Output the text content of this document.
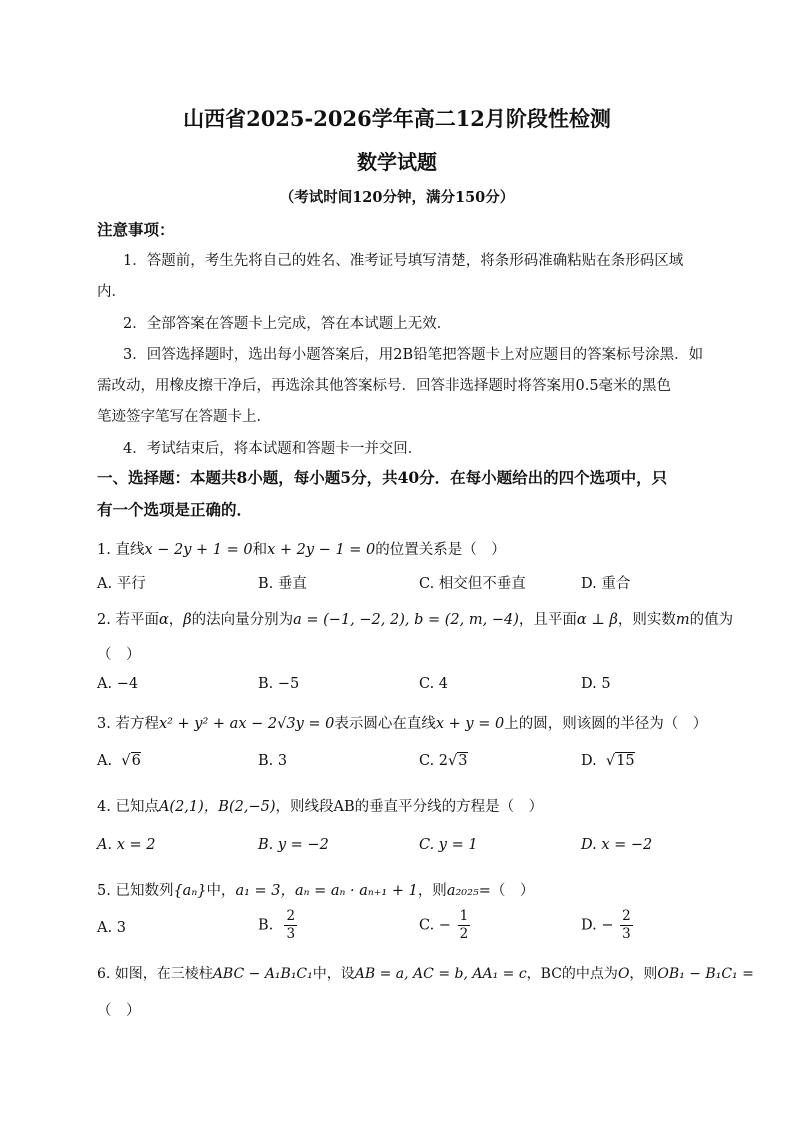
山西省2025-2026学年高二12月阶段性检测
数学试题
（考试时间120分钟，满分150分）
注意事项：
1．答题前，考生先将自己的姓名、准考证号填写清楚，将条形码准确粘贴在条形码区域
内．
2．全部答案在答题卡上完成，答在本试题上无效．
3．回答选择题时，选出每小题答案后，用2B铅笔把答题卡上对应题目的答案标号涂黑．如
需改动，用橡皮擦干净后，再选涂其他答案标号．回答非选择题时将答案用0.5毫米的黑色
笔迹签字笔写在答题卡上．
4．考试结束后，将本试题和答题卡一并交回．
一、选择题：本题共8小题，每小题5分，共40分．在每小题给出的四个选项中，只
有一个选项是正确的．
1. 直线x − 2y + 1 = 0和x + 2y − 1 = 0的位置关系是（　）
A. 平行	B. 垂直	C. 相交但不垂直	D. 重合
2. 若平面α，β的法向量分别为a = (−1, −2, 2), b = (2, m, −4)，且平面α ⊥ β，则实数m的值为
（　）
A. −4	B. −5	C. 4	D. 5
3. 若方程x² + y² + ax − 2√3y = 0表示圆心在直线x + y = 0上的圆，则该圆的半径为（　）
A.  √6	B. 3	C. 2√3	D.  √15
4. 已知点A(2,1)，B(2,−5)，则线段AB的垂直平分线的方程是（　）
A. x = 2	B. y = −2	C. y = 1	D. x = −2
5. 已知数列{aₙ}中，a₁ = 3，aₙ = aₙ · aₙ₊₁ + 1，则a₂₀₂₅=（　）
A. 3	B. $\frac{2}{3}$	C. − $\frac{1}{2}$	D. − $\frac{2}{3}$
6. 如图，在三棱柱ABC − A₁B₁C₁中，设AB = a, AC = b, AA₁ = c，BC的中点为O，则OB₁ − B₁C₁ =
（　）
